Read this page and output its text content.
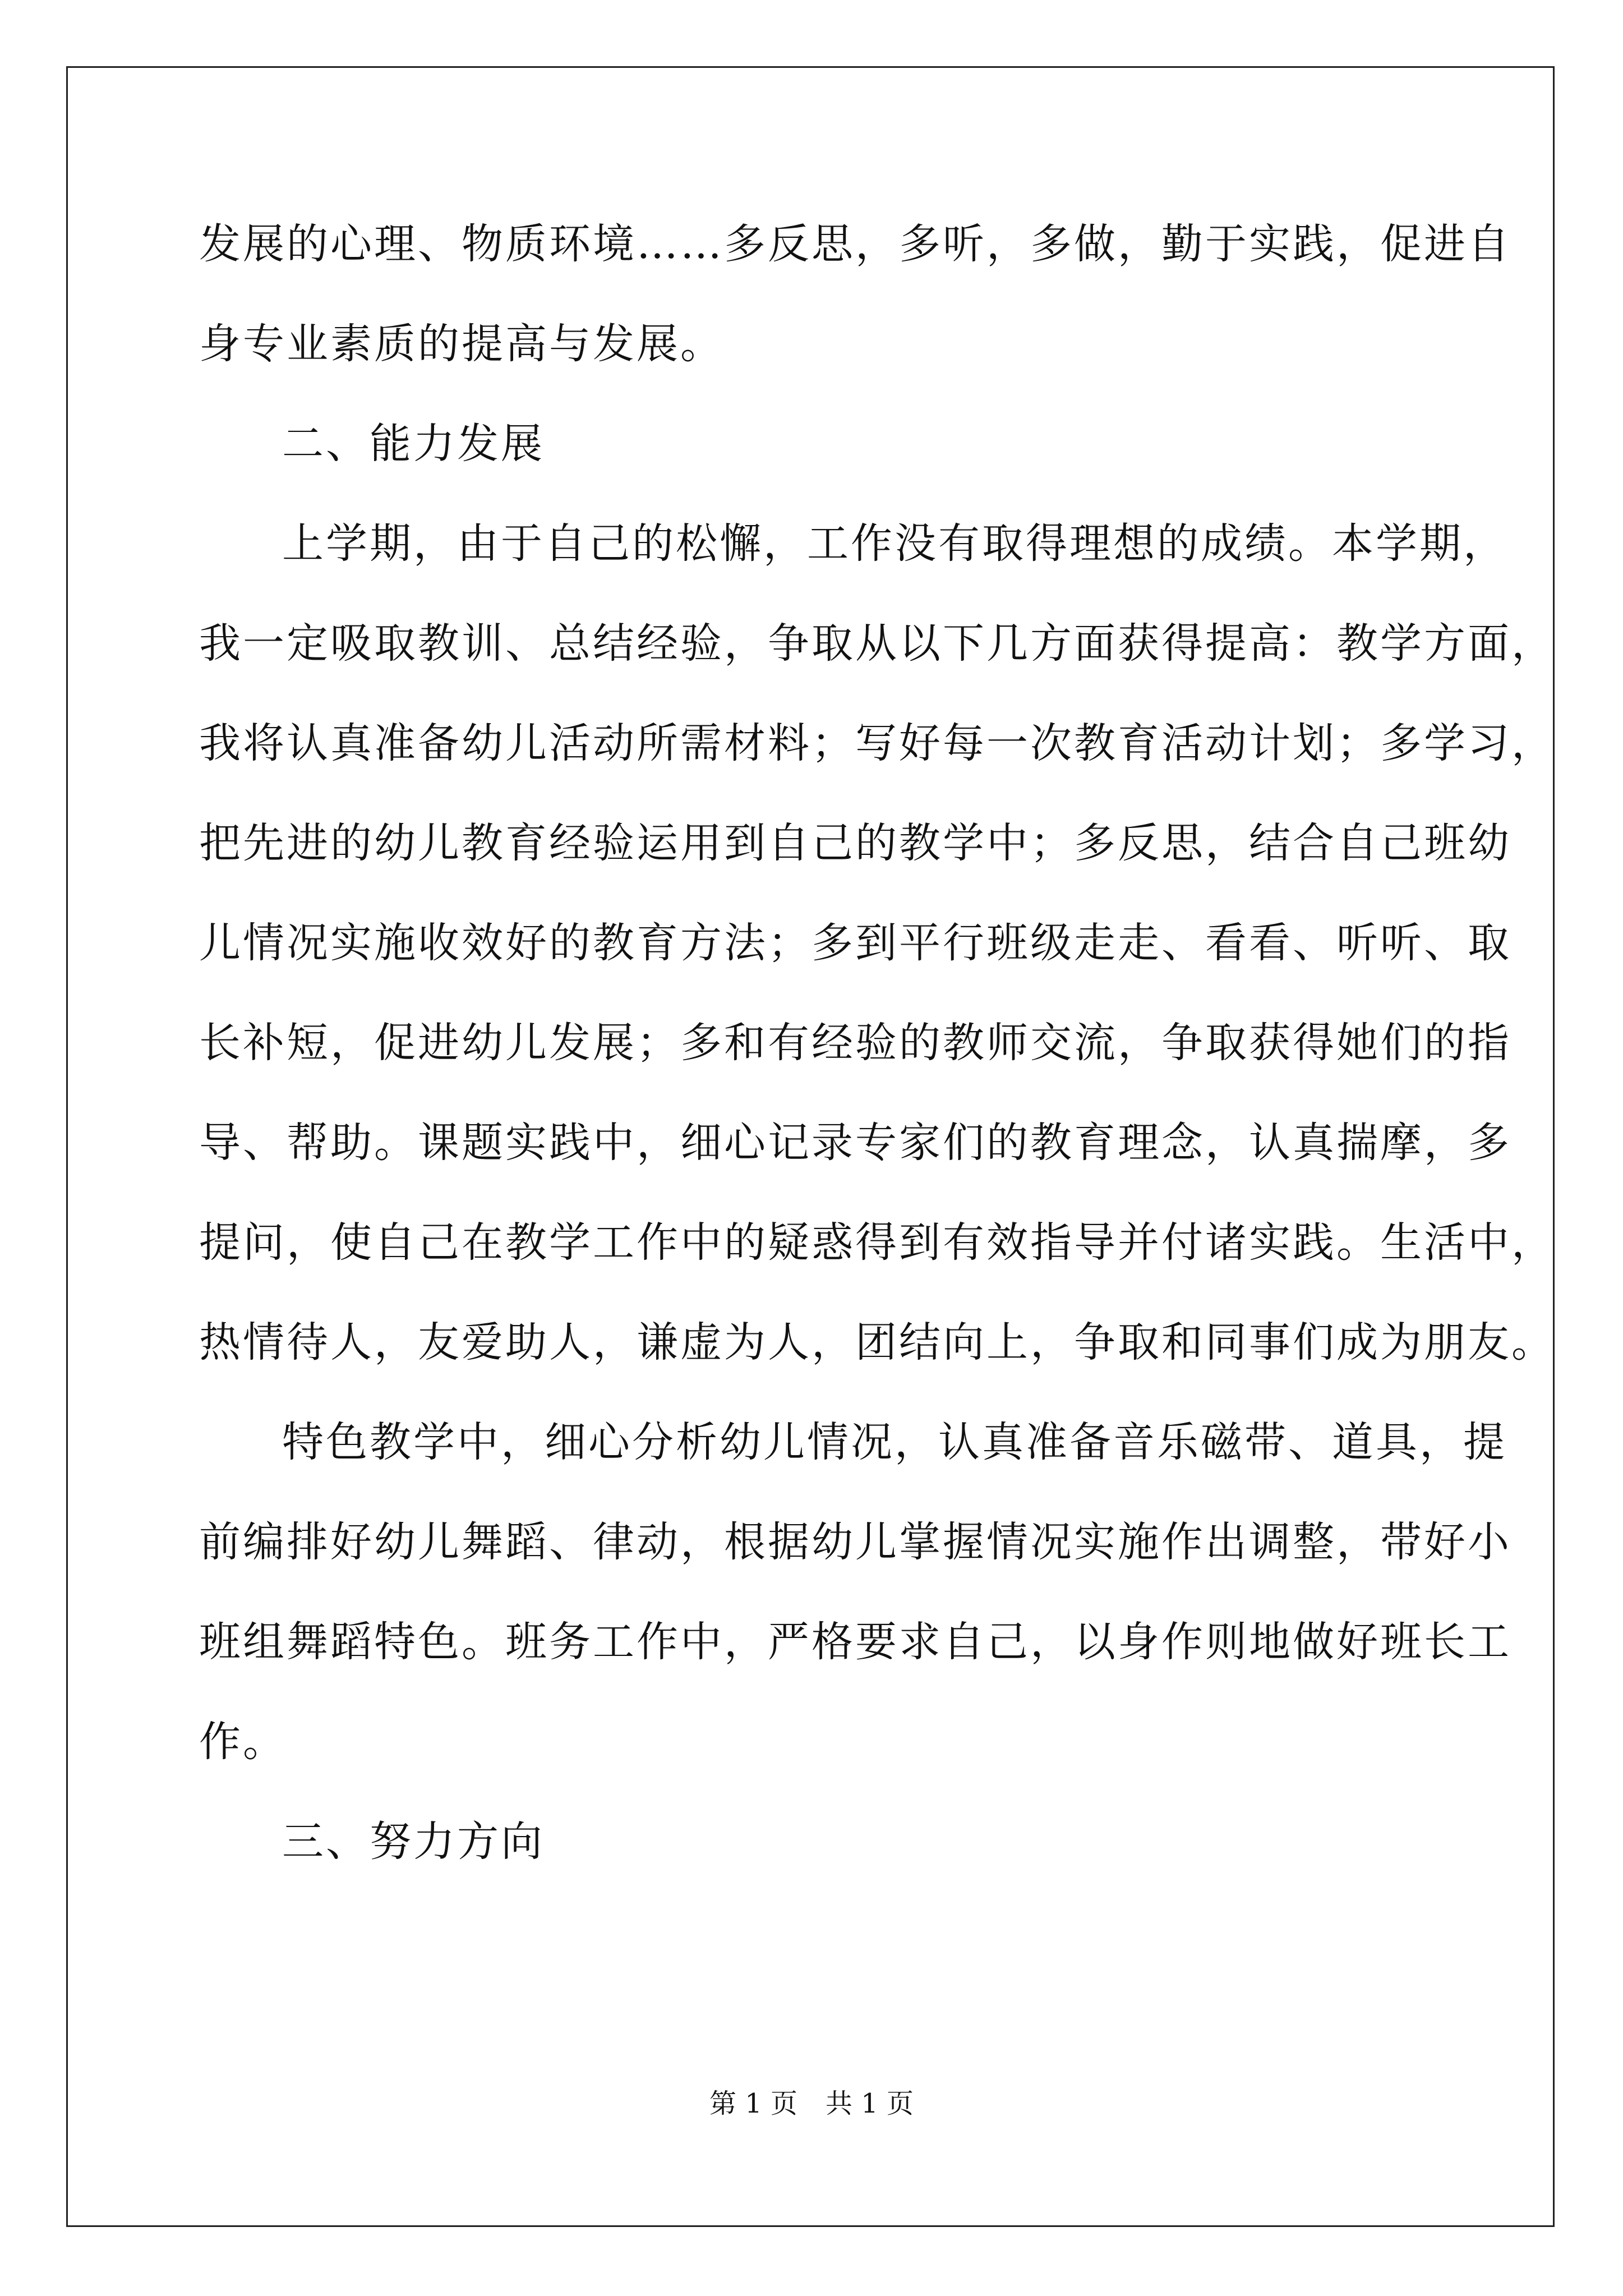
发展的心理、物质环境……多反思，多听，多做，勤于实践，促进自
身专业素质的提高与发展。
二、能力发展
上学期，由于自己的松懈，工作没有取得理想的成绩。本学期，
我一定吸取教训、总结经验，争取从以下几方面获得提高：教学方面，
我将认真准备幼儿活动所需材料；写好每一次教育活动计划；多学习，
把先进的幼儿教育经验运用到自己的教学中；多反思，结合自己班幼
儿情况实施收效好的教育方法；多到平行班级走走、看看、听听、取
长补短，促进幼儿发展；多和有经验的教师交流，争取获得她们的指
导、帮助。课题实践中，细心记录专家们的教育理念，认真揣摩，多
提问，使自己在教学工作中的疑惑得到有效指导并付诸实践。生活中，
热情待人，友爱助人，谦虚为人，团结向上，争取和同事们成为朋友。
特色教学中，细心分析幼儿情况，认真准备音乐磁带、道具，提
前编排好幼儿舞蹈、律动，根据幼儿掌握情况实施作出调整，带好小
班组舞蹈特色。班务工作中，严格要求自己，以身作则地做好班长工
作。
三、努力方向
第 1 页 共 1 页
